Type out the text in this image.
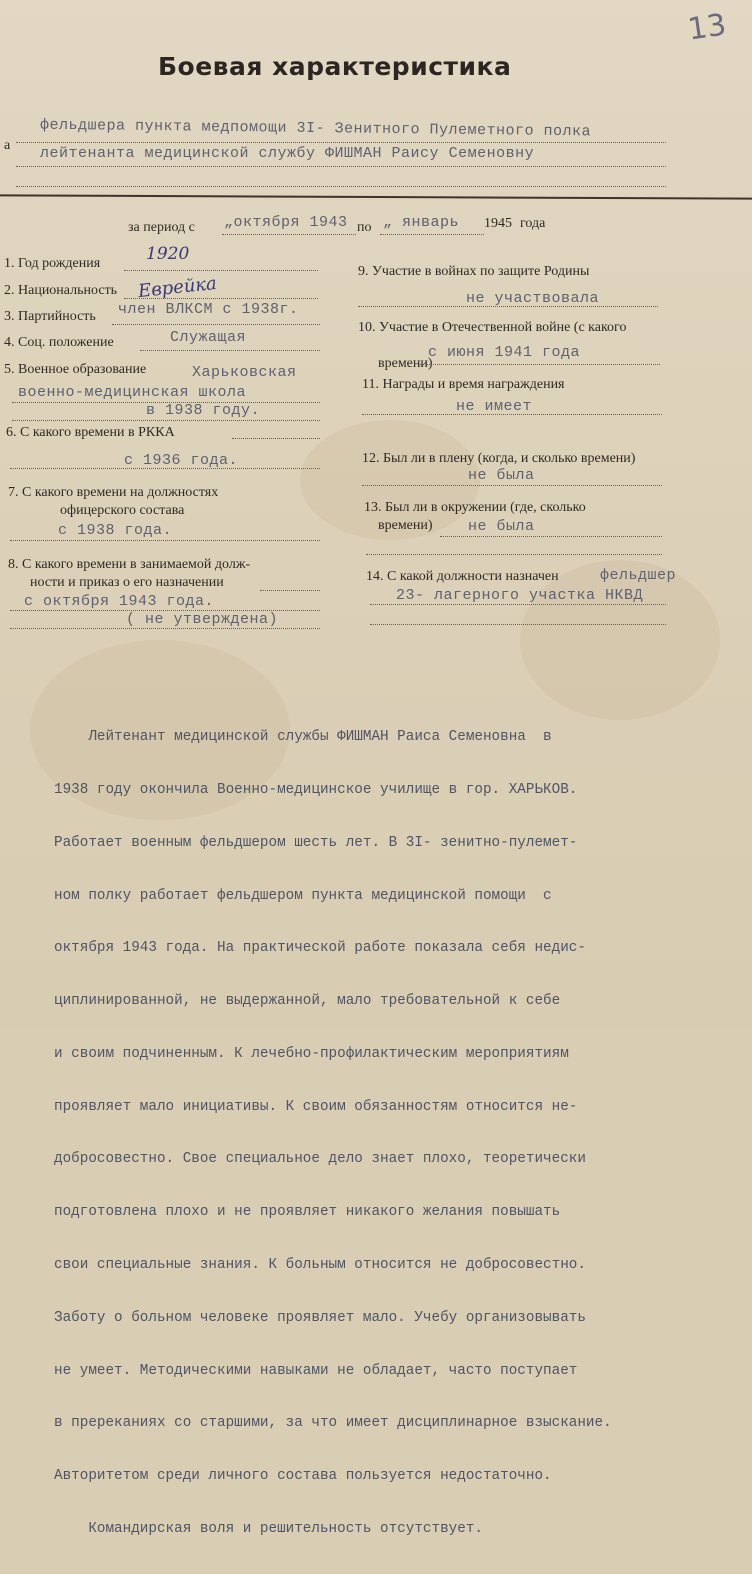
13
Боевая характеристика
а
фельдшера пункта медпомощи 3I- Зенитного Пулеметного полка
лейтенанта медицинской службу ФИШМАН Раису Семеновну
за период с „октября 1943 по „ январь 1945 года
1. Год рождения	1920
2. Национальность Еврейка
3. Партийность член ВЛКСМ с 1938г.
4. Соц. положение	Служащая
5. Военное образование	Харьковская
военно-медицинская школа
в 1938 году.
6. С какого времени в РККА
с 1936 года.
7. С какого времени на должностях
офицерского состава
с 1938 года.
8. С какого времени в занимаемой долж-
ности и приказ о его назначении
с октября 1943 года.
( не утверждена)
9. Участие в войнах по защите Родины
не участвовала
10. Участие в Отечественной войне (с какого
времени)
с июня 1941 года
11. Награды и время награждения
не имеет
12. Был ли в плену (когда, и сколько времени)
не была
13. Был ли в окружении (где, сколько
времени) не была
14. С какой должности назначен	фельдшер
23- лагерного участка НКВД

Лейтенант медицинской службы ФИШМАН Раиса Семеновна  в

1938 году окончила Военно-медицинское училище в гор. ХАРЬКОВ.

Работает военным фельдшером шесть лет. В 3I- зенитно-пулемет-

ном полку работает фельдшером пункта медицинской помощи  с

октября 1943 года. На практической работе показала себя недис-

циплинированной, не выдержанной, мало требовательной к себе

и своим подчиненным. К лечебно-профилактическим мероприятиям

проявляет мало инициативы. К своим обязанностям относится не-

добросовестно. Свое специальное дело знает плохо, теоретически

подготовлена плохо и не проявляет никакого желания повышать

свои специальные знания. К больным относится не добросовестно.

Заботу о больном человеке проявляет мало. Учебу организовывать

не умеет. Методическими навыками не обладает, часто поступает

в пререканиях со старшими, за что имеет дисциплинарное взыскание.

Авторитетом среди личного состава пользуется недостаточно.

Командирская воля и решительность отсутствует.
